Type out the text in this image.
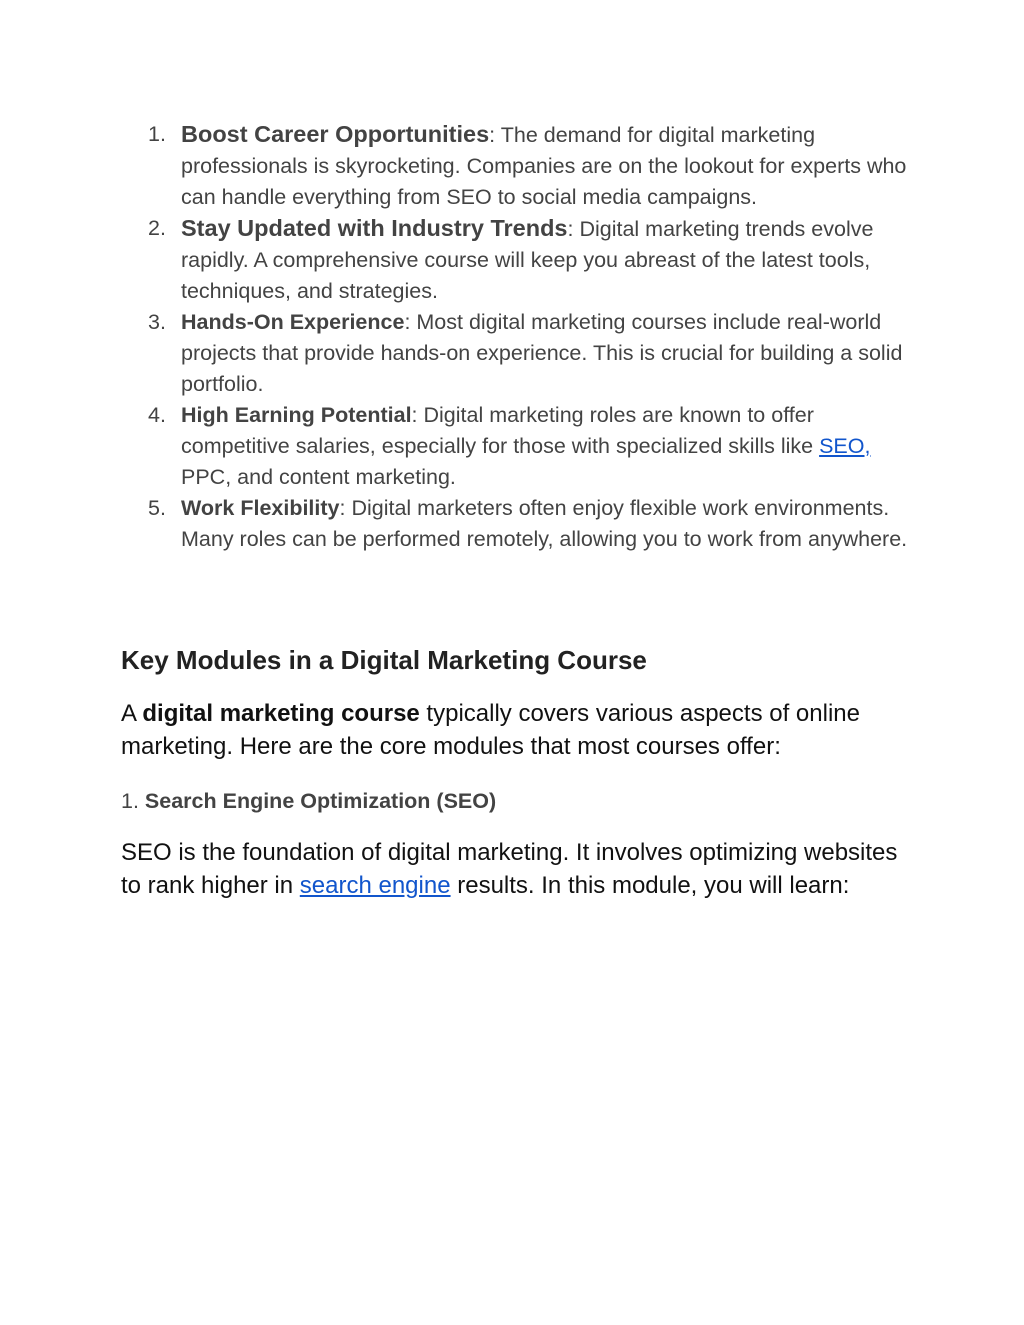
1. Boost Career Opportunities: The demand for digital marketing professionals is skyrocketing. Companies are on the lookout for experts who can handle everything from SEO to social media campaigns.
2. Stay Updated with Industry Trends: Digital marketing trends evolve rapidly. A comprehensive course will keep you abreast of the latest tools, techniques, and strategies.
3. Hands-On Experience: Most digital marketing courses include real-world projects that provide hands-on experience. This is crucial for building a solid portfolio.
4. High Earning Potential: Digital marketing roles are known to offer competitive salaries, especially for those with specialized skills like SEO, PPC, and content marketing.
5. Work Flexibility: Digital marketers often enjoy flexible work environments. Many roles can be performed remotely, allowing you to work from anywhere.
Key Modules in a Digital Marketing Course

A digital marketing course typically covers various aspects of online marketing. Here are the core modules that most courses offer:

1. Search Engine Optimization (SEO)

SEO is the foundation of digital marketing. It involves optimizing websites to rank higher in search engine results. In this module, you will learn:
